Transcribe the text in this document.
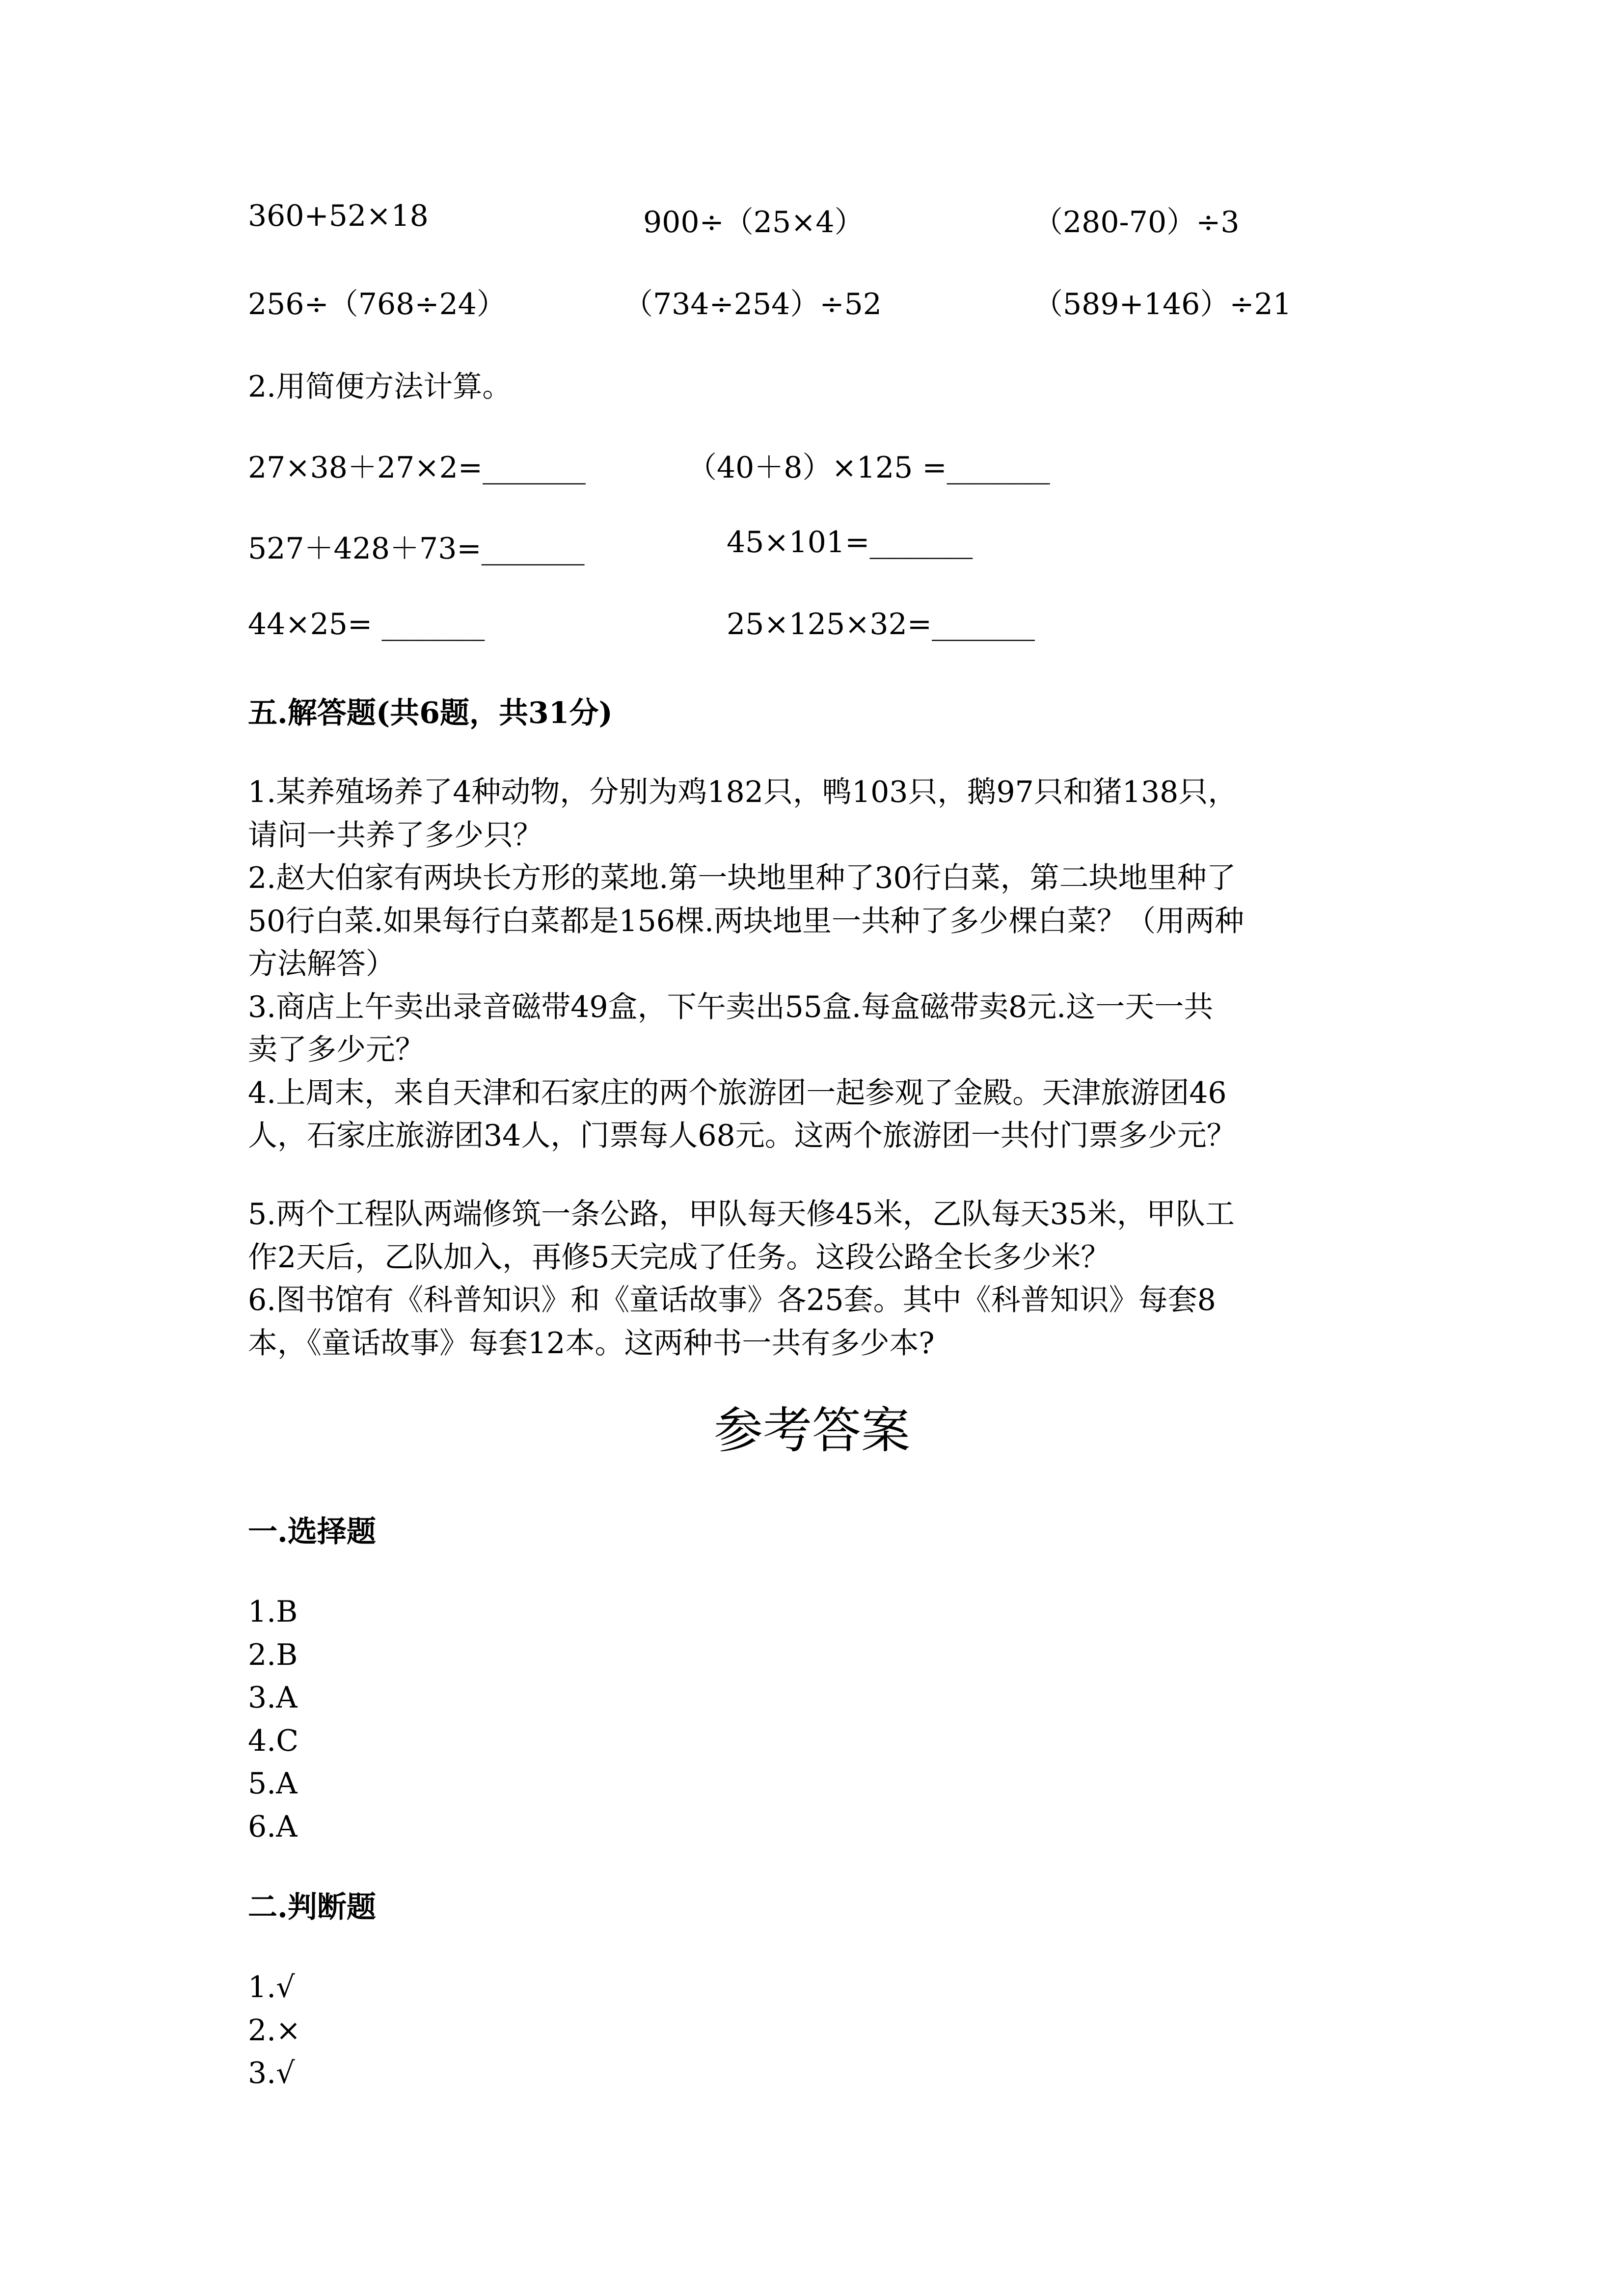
360+52×18	900÷（25×4）	（280-70）÷3
256÷（768÷24）	（734÷254）÷52	（589+146）÷21
2.用简便方法计算。
27×38＋27×2=_______	（40＋8）×125 =_______
527＋428＋73=_______	45×101=_______
44×25= _______	25×125×32=_______
五.解答题(共6题，共31分)
1.某养殖场养了4种动物，分别为鸡182只，鸭103只，鹅97只和猪138只，
请问一共养了多少只？
2.赵大伯家有两块长方形的菜地.第一块地里种了30行白菜，第二块地里种了
50行白菜.如果每行白菜都是156棵.两块地里一共种了多少棵白菜？（用两种
方法解答）
3.商店上午卖出录音磁带49盒，下午卖出55盒.每盒磁带卖8元.这一天一共
卖了多少元？
4.上周末，来自天津和石家庄的两个旅游团一起参观了金殿。天津旅游团46
人，石家庄旅游团34人，门票每人68元。这两个旅游团一共付门票多少元？
5.两个工程队两端修筑一条公路，甲队每天修45米，乙队每天35米，甲队工
作2天后，乙队加入，再修5天完成了任务。这段公路全长多少米？
6.图书馆有《科普知识》和《童话故事》各25套。其中《科普知识》每套8
本，《童话故事》每套12本。这两种书一共有多少本?
参考答案
一.选择题
1.B
2.B
3.A
4.C
5.A
6.A
二.判断题
1.√
2.×
3.√
